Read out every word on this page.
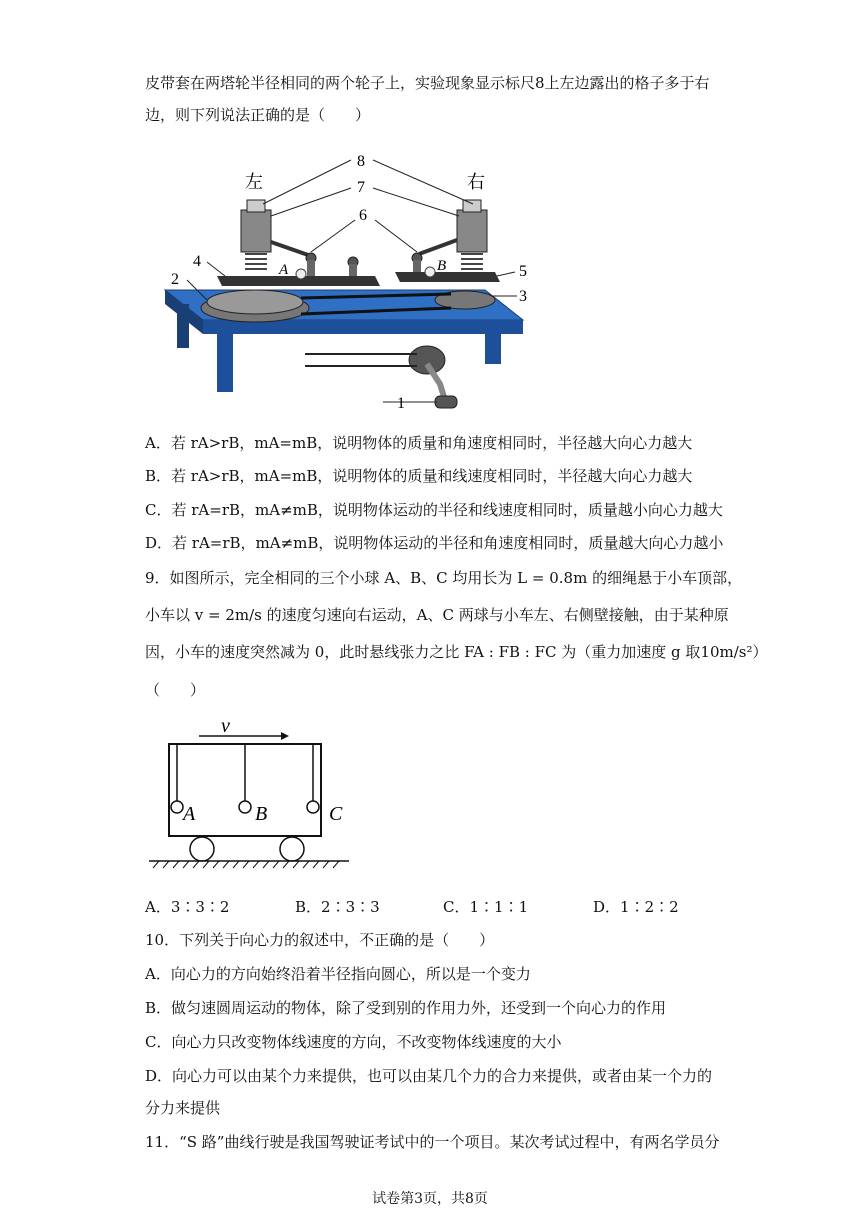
皮带套在两塔轮半径相同的两个轮子上，实验现象显示标尺8上左边露出的格子多于右
边，则下列说法正确的是（　　）
左	右
8
7
6
4
2	5
3
1
A	B
A．若 rA>rB，mA=mB，说明物体的质量和角速度相同时，半径越大向心力越大
B．若 rA>rB，mA=mB，说明物体的质量和线速度相同时，半径越大向心力越大
C．若 rA=rB，mA≠mB，说明物体运动的半径和线速度相同时，质量越小向心力越大
D．若 rA=rB，mA≠mB，说明物体运动的半径和角速度相同时，质量越大向心力越小
9．如图所示，完全相同的三个小球 A、B、C 均用长为 L = 0.8m 的细绳悬于小车顶部，
小车以 v = 2m/s 的速度匀速向右运动，A、C 两球与小车左、右侧壁接触，由于某种原
因，小车的速度突然减为 0，此时悬线张力之比 FA : FB : FC 为（重力加速度 g 取10m/s²）
（　　）
v
A	B	C
A．3∶3∶2	B．2∶3∶3	C．1∶1∶1	D．1∶2∶2
10．下列关于向心力的叙述中，不正确的是（　　）
A．向心力的方向始终沿着半径指向圆心，所以是一个变力
B．做匀速圆周运动的物体，除了受到别的作用力外，还受到一个向心力的作用
C．向心力只改变物体线速度的方向，不改变物体线速度的大小
D．向心力可以由某个力来提供，也可以由某几个力的合力来提供，或者由某一个力的
分力来提供
11．“S 路”曲线行驶是我国驾驶证考试中的一个项目。某次考试过程中，有两名学员分
试卷第3页，共8页
